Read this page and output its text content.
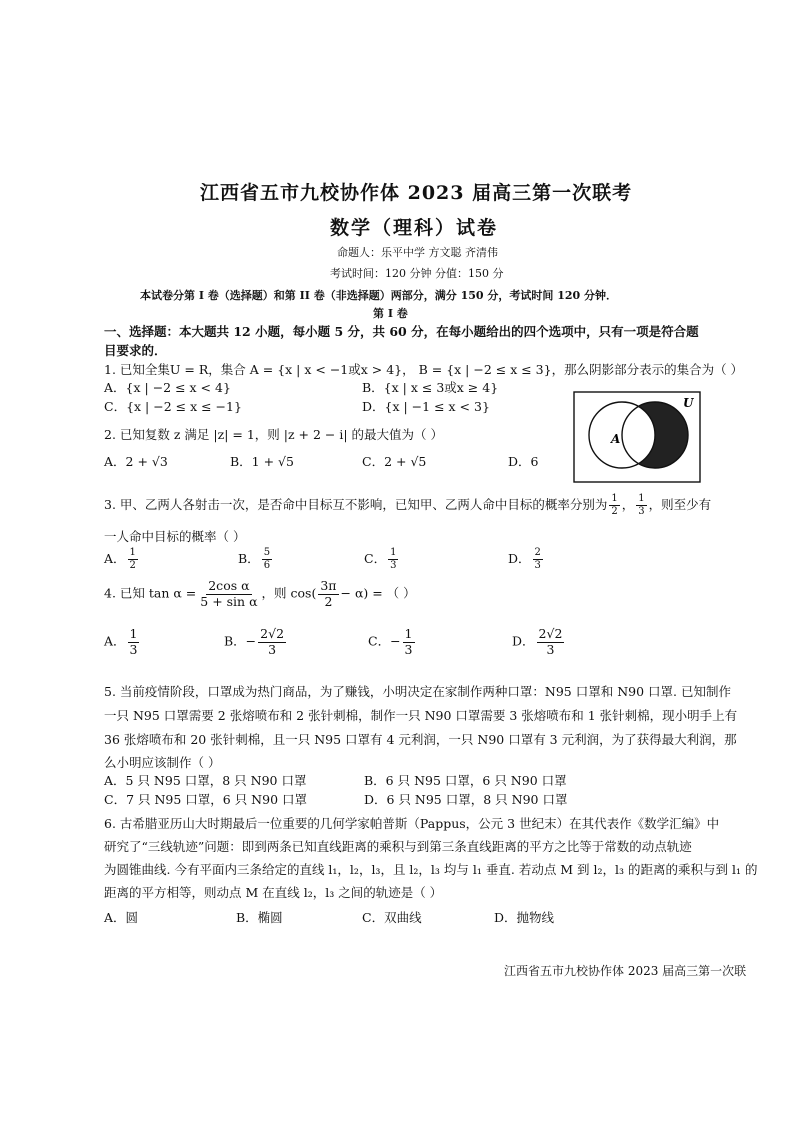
江西省五市九校协作体 2023 届高三第一次联考
数学（理科）试卷
命题人：乐平中学 方文聪 齐清伟
考试时间：120 分钟 分值：150 分
本试卷分第 I 卷（选择题）和第 II 卷（非选择题）两部分，满分 150 分，考试时间 120 分钟．
第 I 卷
一、选择题：本大题共 12 小题，每小题 5 分，共 60 分，在每小题给出的四个选项中，只有一项是符合题
目要求的．
1. 已知全集U = R，集合 A = {x | x < −1或x > 4}， B = {x | −2 ≤ x ≤ 3}，那么阴影部分表示的集合为（ ）
A．{x | −2 ≤ x < 4}	B．{x | x ≤ 3或x ≥ 4}
C．{x | −2 ≤ x ≤ −1}	D．{x | −1 ≤ x < 3}	U
A
2. 已知复数 z 满足 |z| = 1，则 |z + 2 − i| 的最大值为（ ）
A．2 + √3	B．1 + √5	C．2 + √5	D．6
3. 甲、乙两人各射击一次，是否命中目标互不影响，已知甲、乙两人命中目标的概率分别为 $\frac{1}{2}$ ， $\frac{1}{3}$ ，则至少有
一人命中目标的概率（ ）
A． $\frac{1}{2}$	B． $\frac{5}{6}$	C． $\frac{1}{3}$	D． $\frac{2}{3}$
4. 已知 $\tan \alpha = \frac{\text{2cos α}}{\text{5 + sin α}}$ ，则 $\cos( \frac{3\pi}{2} - \alpha)$ = （ ）
A． $\frac{1}{3}$	B．− $\frac{2√2}{3}$	C．− $\frac{1}{3}$	D． $\frac{2√2}{3}$
5. 当前疫情阶段，口罩成为热门商品，为了赚钱，小明决定在家制作两种口罩：N95 口罩和 N90 口罩. 已知制作
一只 N95 口罩需要 2 张熔喷布和 2 张针刺棉，制作一只 N90 口罩需要 3 张熔喷布和 1 张针刺棉，现小明手上有
36 张熔喷布和 20 张针刺棉，且一只 N95 口罩有 4 元利润，一只 N90 口罩有 3 元利润，为了获得最大利润，那
么小明应该制作（ ）
A．5 只 N95 口罩，8 只 N90 口罩	B．6 只 N95 口罩，6 只 N90 口罩
C．7 只 N95 口罩，6 只 N90 口罩	D．6 只 N95 口罩，8 只 N90 口罩
6. 古希腊亚历山大时期最后一位重要的几何学家帕普斯（Pappus，公元 3 世纪末）在其代表作《数学汇编》中
研究了“三线轨迹”问题：即到两条已知直线距离的乘积与到第三条直线距离的平方之比等于常数的动点轨迹
为圆锥曲线. 今有平面内三条给定的直线 l₁，l₂，l₃，且 l₂，l₃ 均与 l₁ 垂直. 若动点 M 到 l₂，l₃ 的距离的乘积与到 l₁ 的
距离的平方相等，则动点 M 在直线 l₂，l₃ 之间的轨迹是（ ）
A．圆	B．椭圆	C．双曲线	D．抛物线
江西省五市九校协作体 2023 届高三第一次联
